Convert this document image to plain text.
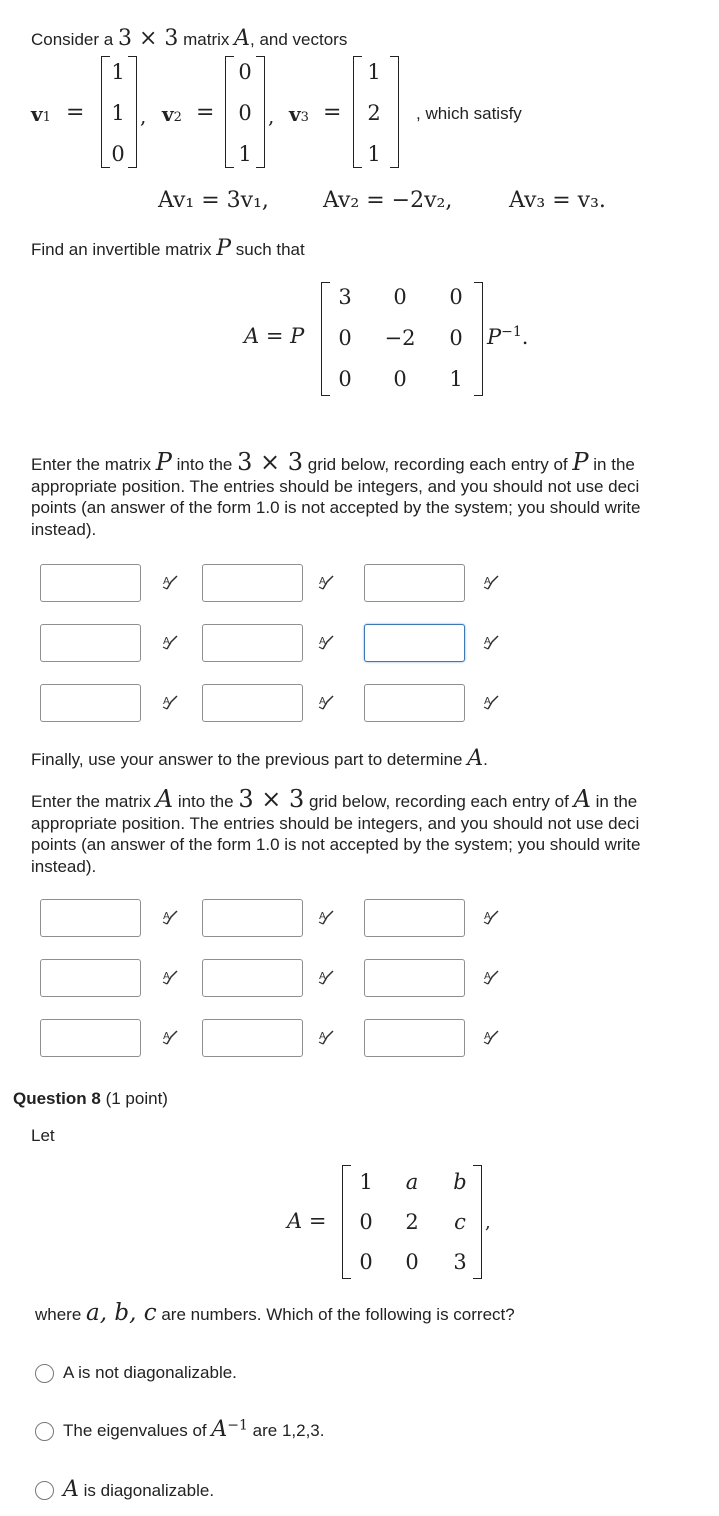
Consider a 3 × 3 matrix A, and vectors
v1 =
1
1
0
, v2 =
0
0
1
, v3 =
1
2
1
, which satisfy
Av₁ = 3v₁, Av₂ = −2v₂,	Av₃ = v₃.
Find an invertible matrix P such that
A = P
3	0	0
0	−2 0
0	0	1
$P^{-1}$.
Enter the matrix P into the 3 × 3 grid below, recording each entry of P in the
appropriate position. The entries should be integers, and you should not use deci
points (an answer of the form 1.0 is not accepted by the system; you should write
instead).
A	A	A
A	A	A
A	A	A
Finally, use your answer to the previous part to determine A.
Enter the matrix A into the 3 × 3 grid below, recording each entry of A in the
appropriate position. The entries should be integers, and you should not use deci
points (an answer of the form 1.0 is not accepted by the system; you should write
instead).
A	A	A
A	A	A
A	A	A
Question 8 (1 point)
Let
A =
1 a b
0 2 c
0 0 3
,
where a, b, c are numbers. Which of the following is correct?
A is not diagonalizable.
The eigenvalues of $A^{-1}$ are 1,2,3.
A is diagonalizable.
